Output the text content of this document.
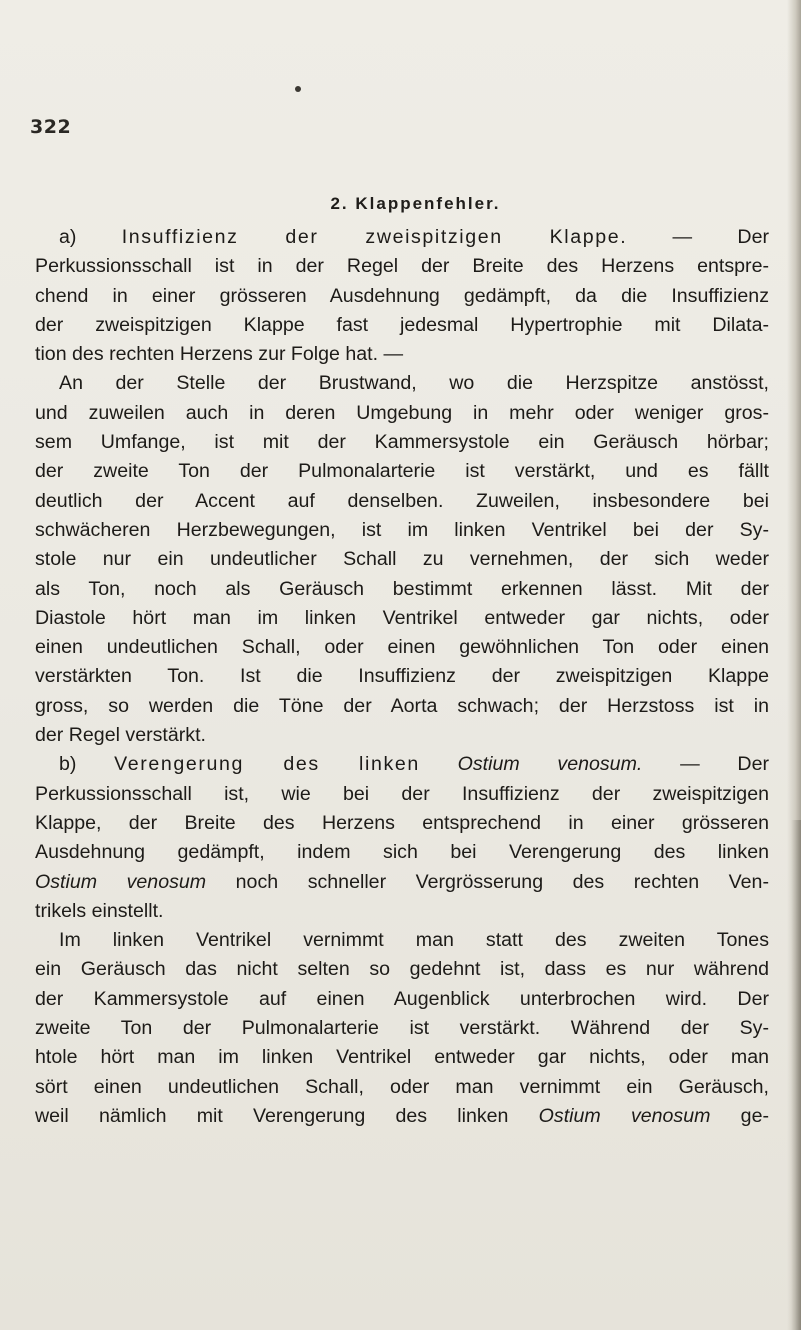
322
2. Klappenfehler.
a) Insuffizienz der zweispitzigen Klappe. — Der
Perkussionsschall ist in der Regel der Breite des Herzens entspre-
chend in einer grösseren Ausdehnung gedämpft, da die Insuffizienz
der zweispitzigen Klappe fast jedesmal Hypertrophie mit Dilata-
tion des rechten Herzens zur Folge hat. —
An der Stelle der Brustwand, wo die Herzspitze anstösst,
und zuweilen auch in deren Umgebung in mehr oder weniger gros-
sem Umfange, ist mit der Kammersystole ein Geräusch hörbar;
der zweite Ton der Pulmonalarterie ist verstärkt, und es fällt
deutlich der Accent auf denselben. Zuweilen, insbesondere bei
schwächeren Herzbewegungen, ist im linken Ventrikel bei der Sy-
stole nur ein undeutlicher Schall zu vernehmen, der sich weder
als Ton, noch als Geräusch bestimmt erkennen lässt. Mit der
Diastole hört man im linken Ventrikel entweder gar nichts, oder
einen undeutlichen Schall, oder einen gewöhnlichen Ton oder einen
verstärkten Ton. Ist die Insuffizienz der zweispitzigen Klappe
gross, so werden die Töne der Aorta schwach; der Herzstoss ist in
der Regel verstärkt.
b) Verengerung des linken Ostium venosum. — Der
Perkussionsschall ist, wie bei der Insuffizienz der zweispitzigen
Klappe, der Breite des Herzens entsprechend in einer grösseren
Ausdehnung gedämpft, indem sich bei Verengerung des linken
Ostium venosum noch schneller Vergrösserung des rechten Ven-
trikels einstellt.
Im linken Ventrikel vernimmt man statt des zweiten Tones
ein Geräusch das nicht selten so gedehnt ist, dass es nur während
der Kammersystole auf einen Augenblick unterbrochen wird. Der
zweite Ton der Pulmonalarterie ist verstärkt. Während der Sy-
htole hört man im linken Ventrikel entweder gar nichts, oder man
sört einen undeutlichen Schall, oder man vernimmt ein Geräusch,
weil nämlich mit Verengerung des linken Ostium venosum ge-
